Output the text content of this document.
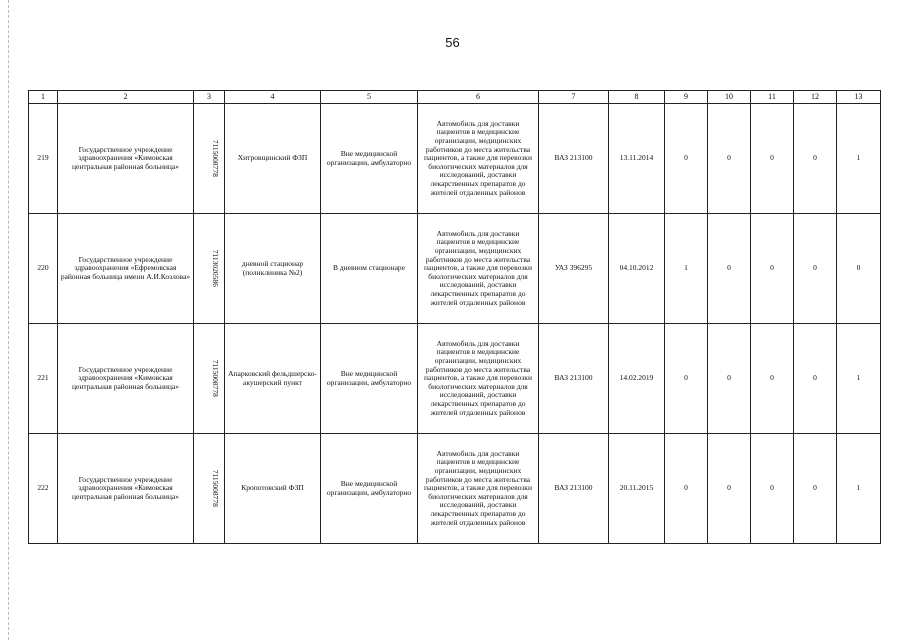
56
1	2	3	4	5	6	7	8	9	10	11	12	13
219	Государственное учреждение здравоохранения «Кимовская центральная районная больница»	7115008778	Хитровщинский ФЗП	Вне медицинской организации, амбулаторно	Автомобиль для доставки пациентов в медицинские организации, медицинских работников до места жительства пациентов, а также для перевозки биологических материалов для исследований, доставки лекарственных препаратов до жителей отдаленных районов	ВАЗ 213100	13.11.2014	0	0	0	0	1
220	Государственное учреждение здравоохранения «Ефремовская районная больница имени А.И.Козлова»	7113020586	дневной стационар (поликлиника №2)	В дневном стационаре	Автомобиль для доставки пациентов в медицинские организации, медицинских работников до места жительства пациентов, а также для перевозки биологических материалов для исследований, доставки лекарственных препаратов до жителей отдаленных районов	УАЗ 396295	04.10.2012	1	0	0	0	0
221	Государственное учреждение здравоохранения «Кимовская центральная районная больница»	7115008778	Апарковский фельдшерско-акушерский пункт	Вне медицинской организации, амбулаторно	Автомобиль для доставки пациентов в медицинские организации, медицинских работников до места жительства пациентов, а также для перевозки биологических материалов для исследований, доставки лекарственных препаратов до жителей отдаленных районов	ВАЗ 213100	14.02.2019	0	0	0	0	1
222	Государственное учреждение здравоохранения «Кимовская центральная районная больница»	7115008778	Кропотовский ФЗП	Вне медицинской организации, амбулаторно	Автомобиль для доставки пациентов в медицинские организации, медицинских работников до места жительства пациентов, а также для перевозки биологических материалов для исследований, доставки лекарственных препаратов до жителей отдаленных районов	ВАЗ 213100	20.11.2015	0	0	0	0	1
